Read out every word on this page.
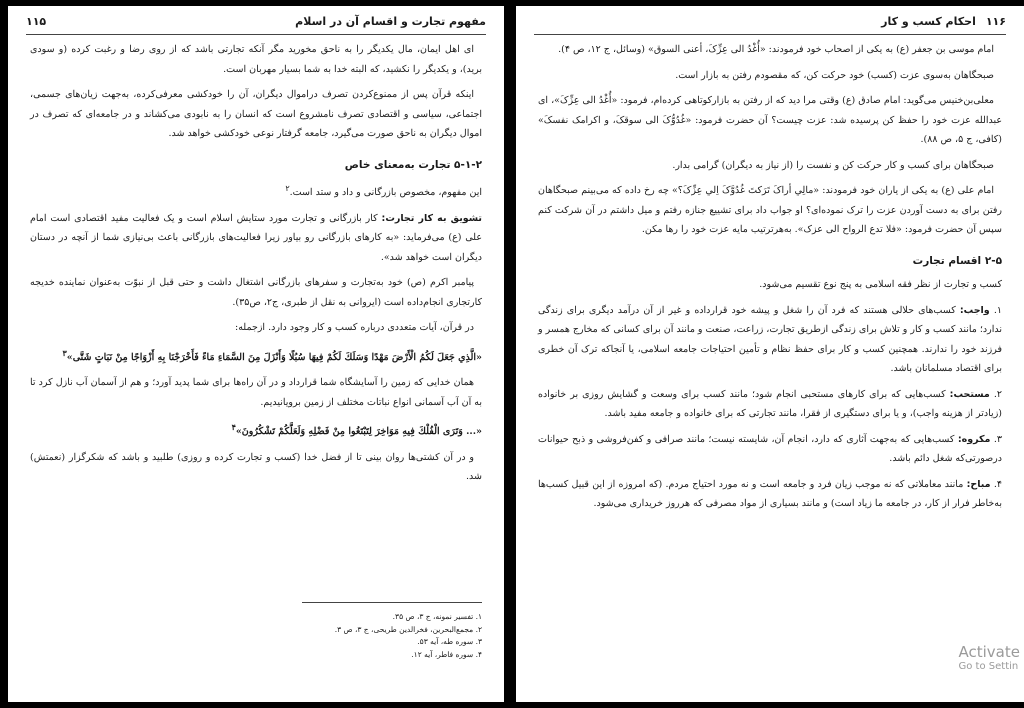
مفهوم تجارت و اقسام آن در اسلام
۱۱۵

ای اهل ایمان، مال یکدیگر را به ناحق مخورید مگر آنکه تجارتی باشد که از روی رضا و رغبت کرده (و سودی برید)، و یکدیگر را نکشید، که البته خدا به شما بسیار مهربان است.

اینکه قرآن پس از ممنوع‌کردن تصرف درا‌موال دیگران، آن را خودکشی معرفی‌کرده، به‌جهت زیان‌های جسمی، اجتماعی، سیاسی و اقتصادی تصرف نامشروع است که انسان را به نابودی می‌کشاند و در جامعه‌ای که تصرف در اموال دیگران به ناحق صورت می‌گیرد، جامعه گرفتار نوعی خودکشی خواهد شد.

۵-۱-۲ تجارت به‌معنای خاص

این مفهوم، مخصوص بازرگانی و داد و ستد است.$^۲$

تشویق به کار تجارت: کار بازرگانی و تجارت مورد ستایش اسلام است و یک فعالیت مفید اقتصادی است امام علی (ع) می‌فرماید: «به کارهای بازرگانی رو بیاور زیرا فعالیت‌های بازرگانی باعث بی‌نیازی شما از آنچه در دستان دیگران است خواهد شد».

پیامبر اکرم (ص) خود به‌تجارت و سفرهای بازرگانی اشتغال داشت و حتی قبل از نبوّت به‌عنوان نماینده خدیجه کارتجاری انجام‌داده است (ایروانی به نقل از طبری، ج۲، ص۳۵).

در قرآن، آیات متعددی درباره کسب و کار وجود دارد. ازجمله:

«الَّذِي جَعَلَ لَكُمُ الْأَرْضَ مَهْدًا وَسَلَكَ لَكُمْ فِيهَا سُبُلًا وَأَنْزَلَ مِنَ السَّمَاءِ مَاءً فَأَخْرَجْنَا بِهِ أَزْوَاجًا مِنْ نَبَاتٍ شَتَّى»$^۳$

همان خدایی که زمین را آسایشگاه شما قرارداد و در آن راه‌ها برای شما پدید آورد؛ و هم از آسمان آب نازل کرد تا به آن آب آسمانی انواع نباتات مختلف از زمین برویانیدیم.

«... وَتَرَى الْفُلْكَ فِيهِ مَوَاخِرَ لِتَبْتَغُوا مِنْ فَضْلِهِ وَلَعَلَّكُمْ تَشْكُرُونَ»$^۴$

و در آن کشتی‌ها روان بینی تا از فضل خدا (کسب و تجارت کرده و روزی) طلبید و باشد که شکرگزار (نعمتش) شد.

۱. تفسیر نمونه، ج ۳، ص ۳۵.
۲. مجمع‌البحرین، فخرالدین طریحی، ج ۳، ص ۳.
۳. سوره طه، آیه ۵۳.
۴. سوره فاطر، آیه ۱۲.
۱۱۶
احکام کسب و کار

امام موسی بن جعفر (ع) به یکی از اصحاب خود فرمودند: «أُغْدُ الی عِزِّکَ، أعنی السوق» (وسائل، ج ۱۲، ص ۴).

صبحگاهان به‌سوی عزت (کسب) خود حرکت کن، که مقصودم رفتن به بازار است.

معلی‌بن‌خنیس می‌گوید: امام صادق (ع) وقتی مرا دید که از رفتن به بازارکوتاهی کرده‌ام، فرمود: «أُغْدُ الی عِزِّکَ»، ای عبدالله عزت خود را حفظ کن پرسیده شد: عزت چیست؟ آن حضرت فرمود: «غُدُوُّکَ الی سوقکَ، و اکرامک نفسکَ» (کافی، ج ۵، ص ۸۸).

صبحگاهان برای کسب و کار حرکت کن و نفست را (از نیاز به دیگران) گرامی بدار.

امام علی (ع) به یکی از یاران خود فرمودند: «مالِي أراکَ تَرَکتَ غُدُوَّکَ اِلي عِزِّکَ؟» چه رخ داده که می‌بینم صبحگاهان رفتن برای به دست آوردن عزت را ترک نموده‌ای؟ او جواب داد برای تشییع جنازه رفتم و میل داشتم در آن شرکت کنم سپس آن حضرت فرمود: «فلا تدع الرواح الی عزک». به‌هرترتیب مایه عزت خود را رها مکن.

۲-۵ اقسام تجارت

کسب و تجارت از نظر فقه اسلامی به پنج نوع تقسیم می‌شود.

۱. واجب: کسب‌های حلالی هستند که فرد آن را شغل و پیشه خود قرارداده و غیر از آن درآمد دیگری برای زندگی ندارد؛ مانند کسب و کار و تلاش برای زندگی ازطریق تجارت، زراعت، صنعت و مانند آن برای کسانی که مخارج همسر و فرزند خود را ندارند. همچنین کسب و کار برای حفظ نظام و تأمین احتیاجات جامعه اسلامی، یا آنجاکه ترک آن خطری برای اقتصاد مسلمانان باشد.

۲. مستحب: کسب‌هایی که برای کارهای مستحبی انجام شود؛ مانند کسب برای وسعت و گشایش روزی بر خانواده (زیادتر از هزینه واجب)، و یا برای دستگیری از فقرا، مانند تجارتی که برای خانواده و جامعه مفید باشد.

۳. مکروه: کسب‌هایی که به‌جهت آثاری که دارد، انجام آن، شایسته نیست؛ مانند صرافی و کفن‌فروشی و ذبح حیوانات درصورتی‌که شغل دائم باشد.

۴. مباح: مانند معاملاتی که نه موجب زیان فرد و جامعه است و نه مورد احتیاج مردم. (که امروزه از این قبیل کسب‌ها به‌خاطر فرار از کار، در جامعه ما زیاد است) و مانند بسیاری از مواد مصرفی که هرروز خریداری می‌شود.

Activate
Go to Settin
